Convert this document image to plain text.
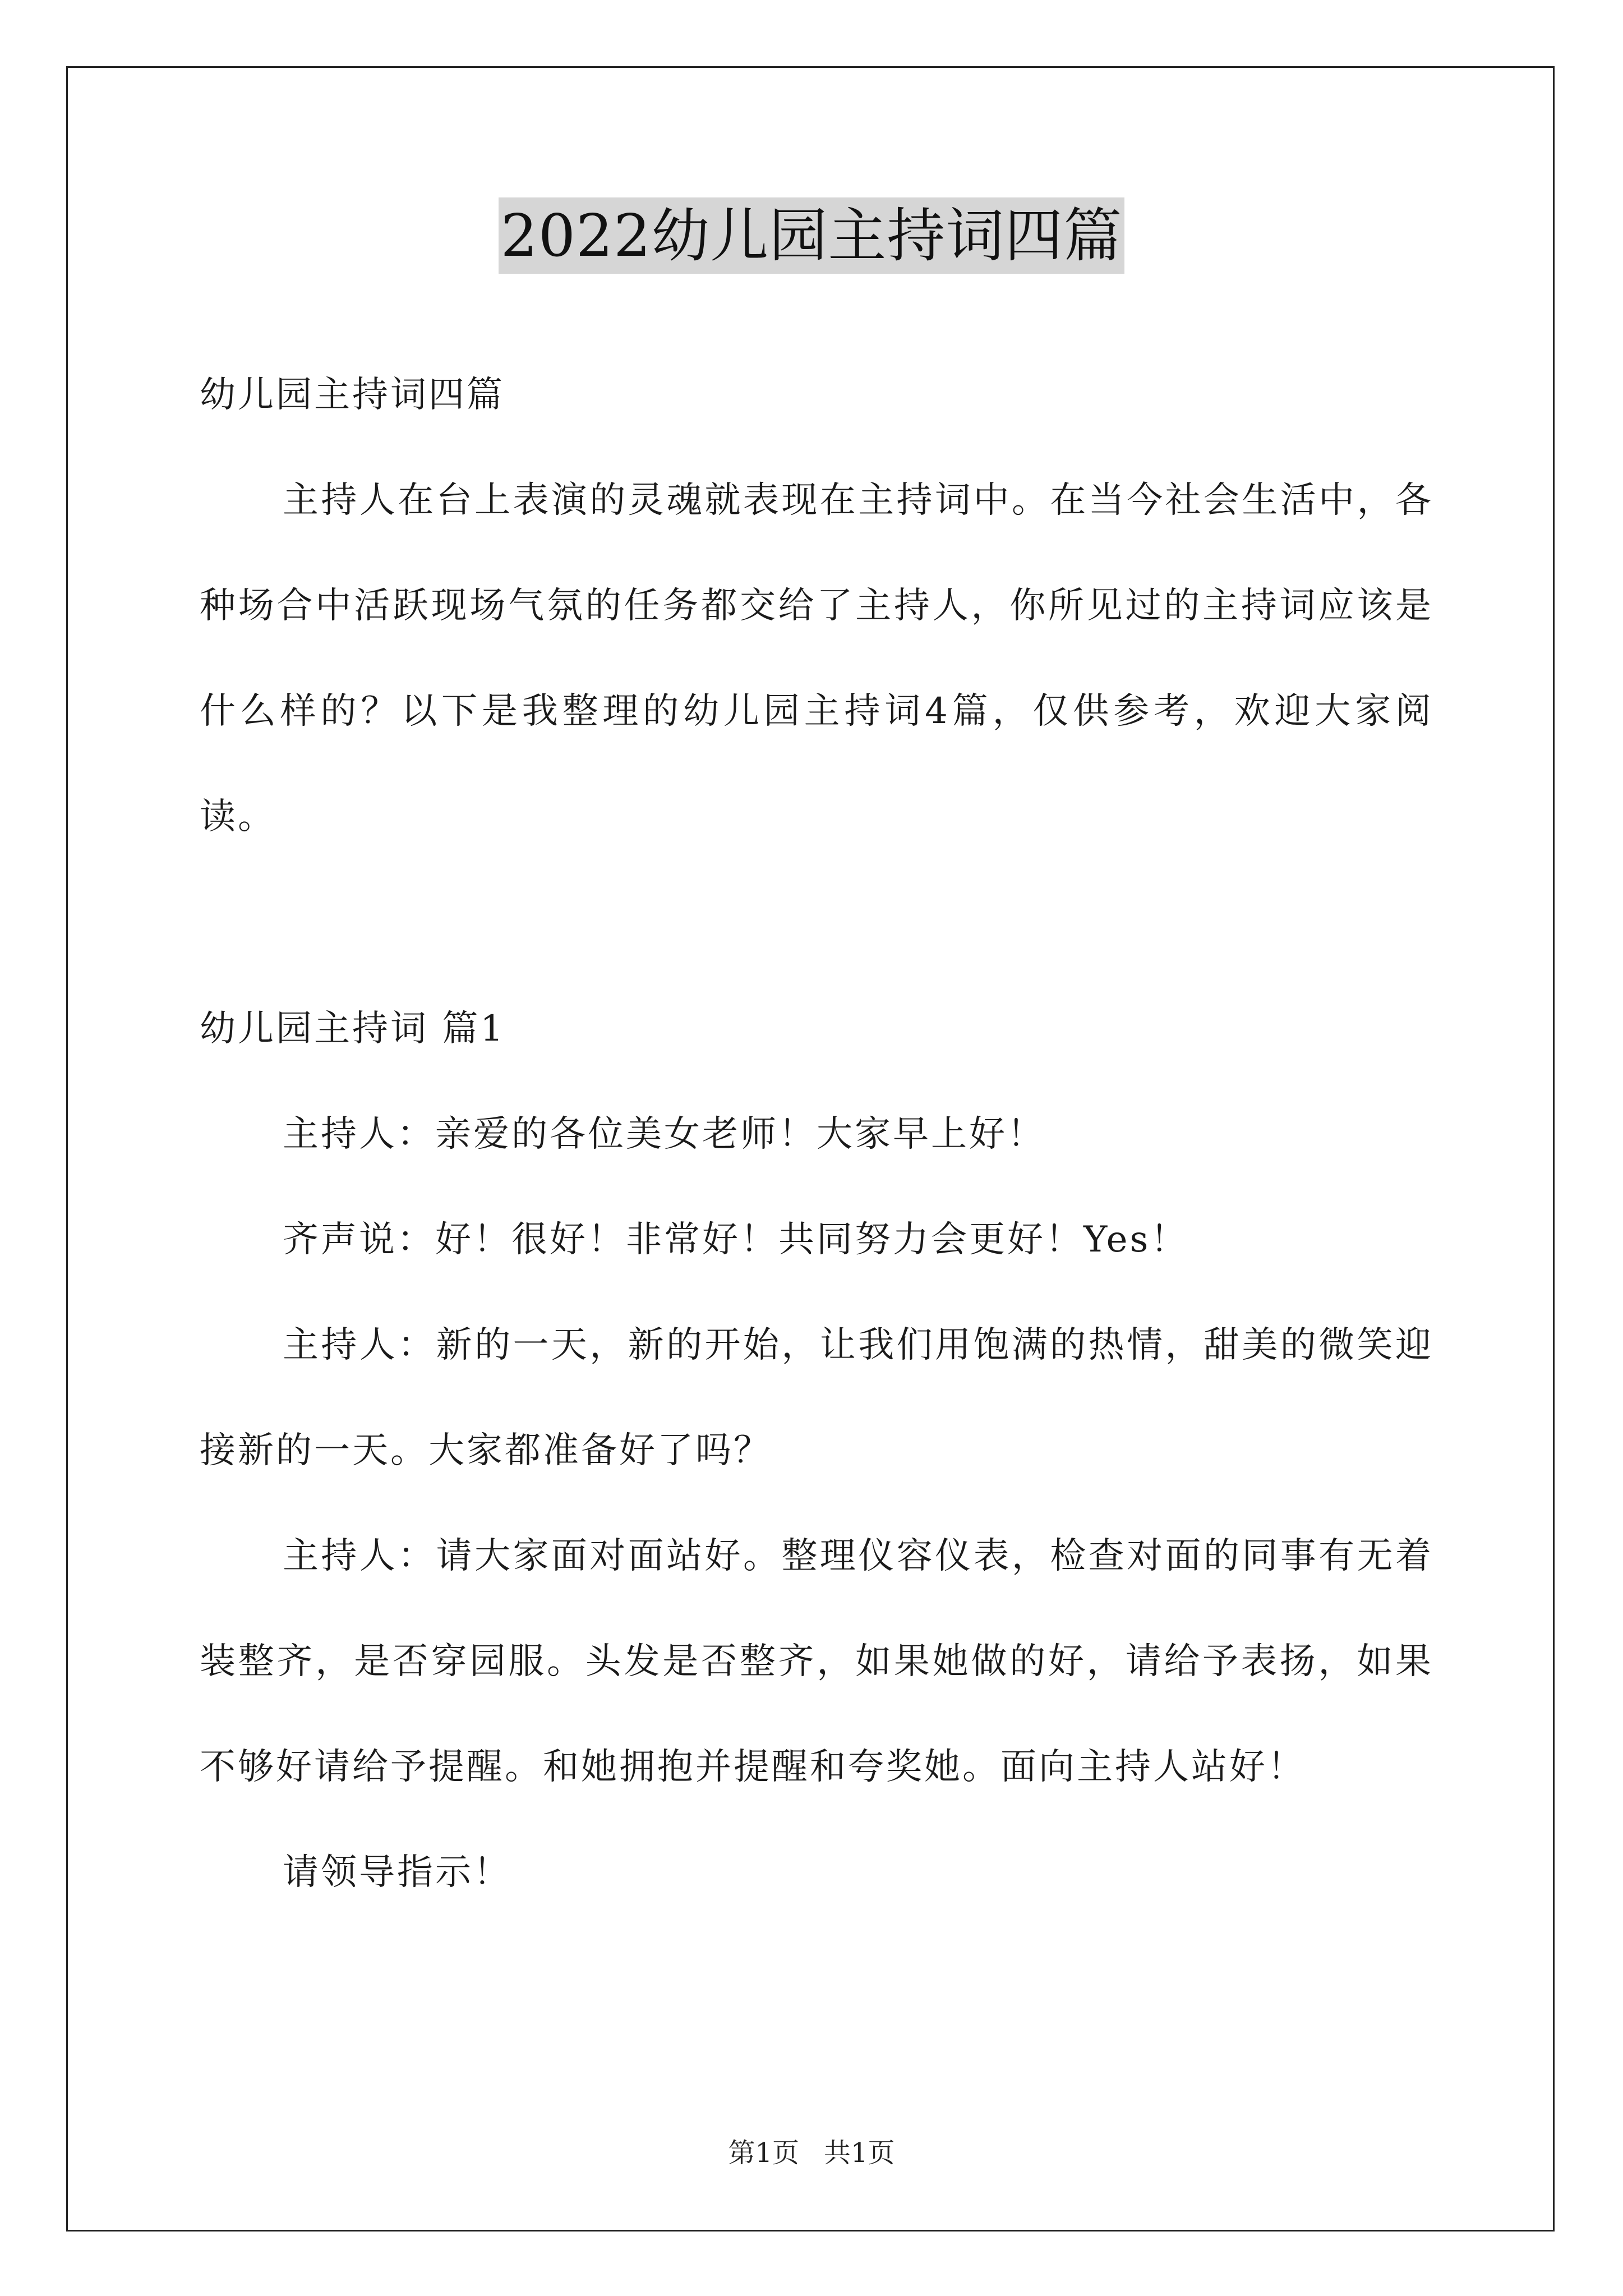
2022幼儿园主持词四篇

幼儿园主持词四篇

主持人在台上表演的灵魂就表现在主持词中。在当今社会生活中，各种场合中活跃现场气氛的任务都交给了主持人，你所见过的主持词应该是什么样的？以下是我整理的幼儿园主持词4篇，仅供参考，欢迎大家阅读。

幼儿园主持词 篇1

主持人：亲爱的各位美女老师！大家早上好！

齐声说：好！很好！非常好！共同努力会更好！Yes！

主持人：新的一天，新的开始，让我们用饱满的热情，甜美的微笑迎接新的一天。大家都准备好了吗？

主持人：请大家面对面站好。整理仪容仪表，检查对面的同事有无着装整齐，是否穿园服。头发是否整齐，如果她做的好，请给予表扬，如果不够好请给予提醒。和她拥抱并提醒和夸奖她。面向主持人站好！

请领导指示！

第1页 共1页
